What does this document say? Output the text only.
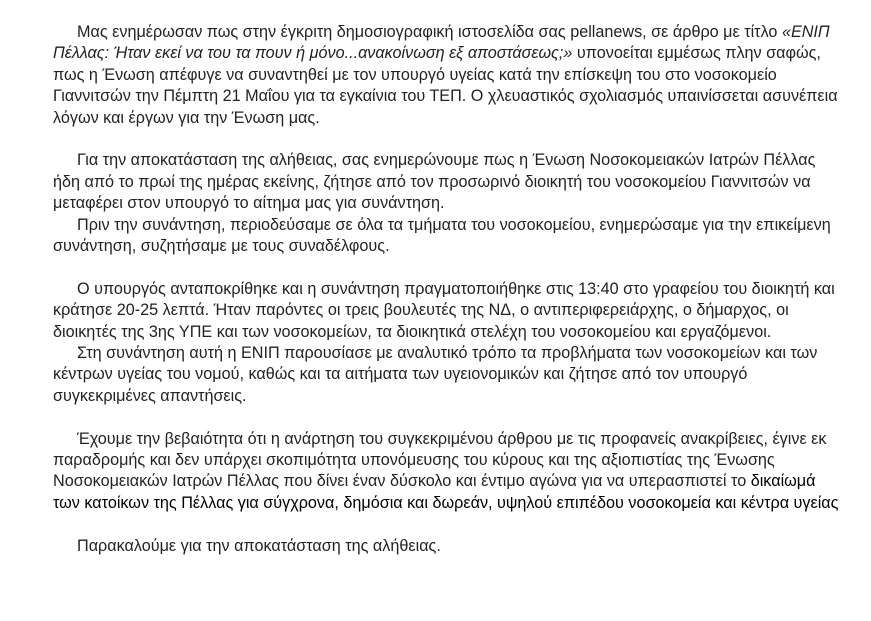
Μας ενημέρωσαν πως στην έγκριτη δημοσιογραφική ιστοσελίδα σας pellanews, σε άρθρο με τίτλο «ΕΝΙΠ Πέλλας: Ήταν εκεί να του τα πουν ή μόνο...ανακοίνωση εξ αποστάσεως;» υπονοείται εμμέσως πλην σαφώς, πως η Ένωση απέφυγε να συναντηθεί με τον υπουργό υγείας κατά την επίσκεψη του στο νοσοκομείο Γιαννιτσών την Πέμπτη 21 Μαΐου για τα εγκαίνια του ΤΕΠ. Ο χλευαστικός σχολιασμός υπαινίσσεται ασυνέπεια λόγων και έργων για την Ένωση μας.

Για την αποκατάσταση της αλήθειας, σας ενημερώνουμε πως η Ένωση Νοσοκομειακών Ιατρών Πέλλας ήδη από το πρωί της ημέρας εκείνης, ζήτησε από τον προσωρινό διοικητή του νοσοκομείου Γιαννιτσών να μεταφέρει στον υπουργό το αίτημα μας για συνάντηση.

Πριν την συνάντηση, περιοδεύσαμε σε όλα τα τμήματα του νοσοκομείου, ενημερώσαμε για την επικείμενη συνάντηση, συζητήσαμε με τους συναδέλφους.

Ο υπουργός ανταποκρίθηκε και η συνάντηση πραγματοποιήθηκε στις 13:40 στο γραφείου του διοικητή και κράτησε 20-25 λεπτά. Ήταν παρόντες οι τρεις βουλευτές της ΝΔ, ο αντιπεριφερειάρχης, ο δήμαρχος, οι διοικητές της 3ης ΥΠΕ και των νοσοκομείων, τα διοικητικά στελέχη του νοσοκομείου και εργαζόμενοι.

Στη συνάντηση αυτή η ΕΝΙΠ παρουσίασε με αναλυτικό τρόπο τα προβλήματα των νοσοκομείων και των κέντρων υγείας του νομού, καθώς και τα αιτήματα των υγειονομικών και ζήτησε από τον υπουργό συγκεκριμένες απαντήσεις.

Έχουμε την βεβαιότητα ότι η ανάρτηση του συγκεκριμένου άρθρου με τις προφανείς ανακρίβειες, έγινε εκ παραδρομής και δεν υπάρχει σκοπιμότητα υπονόμευσης του κύρους και της αξιοπιστίας της Ένωσης Νοσοκομειακών Ιατρών Πέλλας που δίνει έναν δύσκολο και έντιμο αγώνα για να υπερασπιστεί το δικαίωμά των κατοίκων της Πέλλας για σύγχρονα, δημόσια και δωρεάν, υψηλού επιπέδου νοσοκομεία και κέντρα υγείας

Παρακαλούμε για την αποκατάσταση της αλήθειας.
